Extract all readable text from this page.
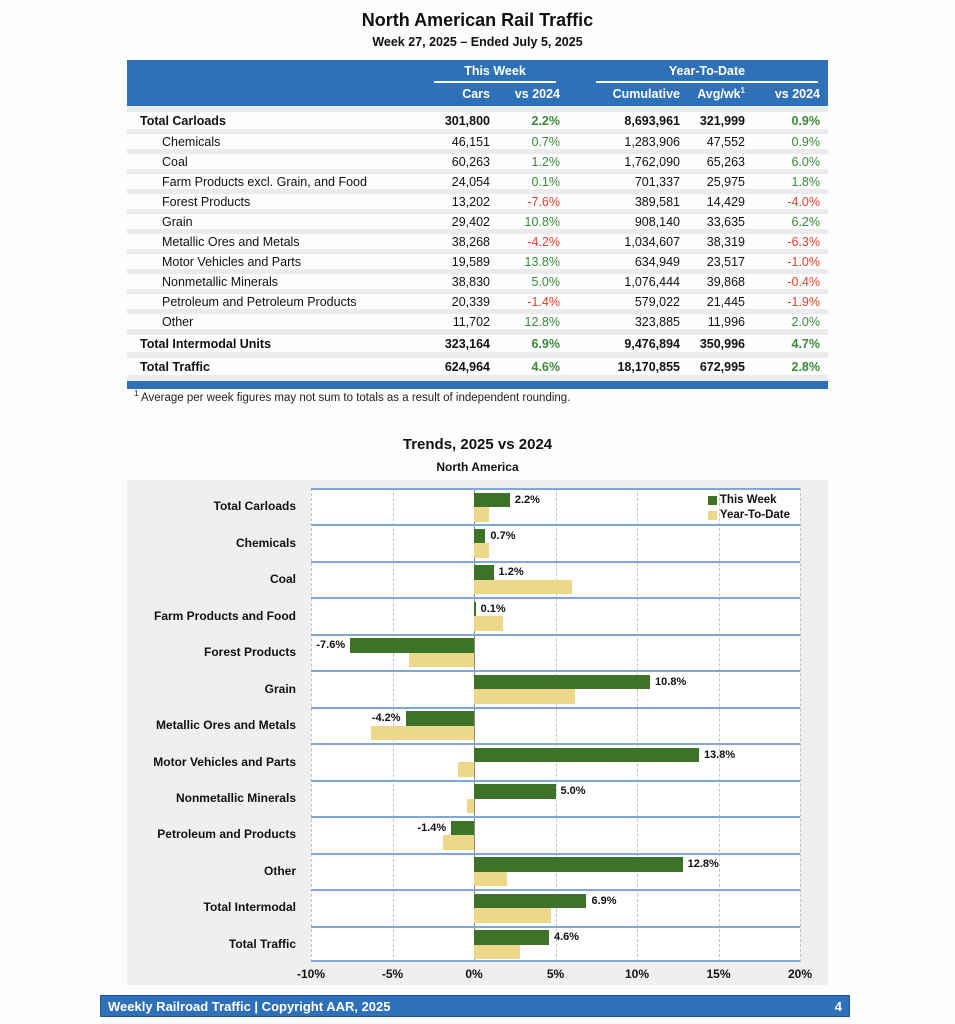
North American Rail Traffic
Week 27, 2025 – Ended July 5, 2025
This Week	Year-To-Date
Cars	vs 2024	Cumulative	Avg/$wk^1$	vs 2024
Total Carloads	301,800	2.2%	8,693,961	321,999	0.9%
Chemicals	46,151	0.7%	1,283,906	47,552	0.9%
Coal	60,263	1.2%	1,762,090	65,263	6.0%
Farm Products excl. Grain, and Food	24,054	0.1%	701,337	25,975	1.8%
Forest Products	13,202	-7.6%	389,581	14,429	-4.0%
Grain	29,402	10.8%	908,140	33,635	6.2%
Metallic Ores and Metals	38,268	-4.2%	1,034,607	38,319	-6.3%
Motor Vehicles and Parts	19,589	13.8%	634,949	23,517	-1.0%
Nonmetallic Minerals	38,830	5.0%	1,076,444	39,868	-0.4%
Petroleum and Petroleum Products	20,339	-1.4%	579,022	21,445	-1.9%
Other	11,702	12.8%	323,885	11,996	2.0%
Total Intermodal Units	323,164	6.9%	9,476,894	350,996	4.7%
Total Traffic	624,964	4.6%	18,170,855	672,995	2.8%
$^1$ Average per week figures may not sum to totals as a result of independent rounding.
Trends, 2025 vs 2024
North America
Total Carloads
Chemicals
Coal
Farm Products and Food
Forest Products
Grain
Metallic Ores and Metals
Motor Vehicles and Parts
Nonmetallic Minerals
Petroleum and Products
Other
Total Intermodal
Total Traffic
This Week
Year-To-Date
2.2%
0.7%
1.2%
0.1%
-7.6%
10.8%
-4.2%
13.8%
5.0%
-1.4%
12.8%
6.9%
4.6%
-10%	-5%	0%	5%	10%	15%	20%
Weekly Railroad Traffic | Copyright AAR, 2025	4
